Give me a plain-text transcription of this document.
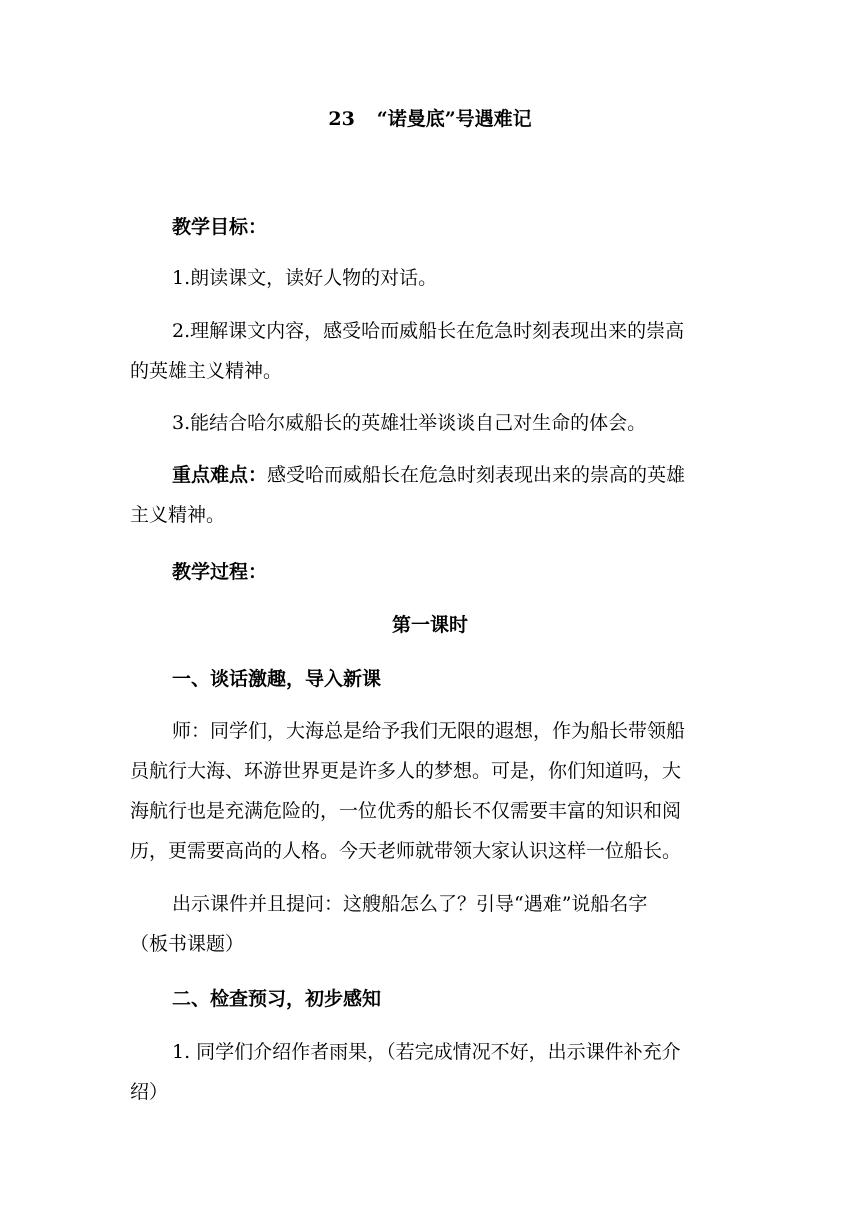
23 “诺曼底”号遇难记
教学目标：
1.朗读课文，读好人物的对话。
2.理解课文内容，感受哈而威船长在危急时刻表现出来的崇高
的英雄主义精神。
3.能结合哈尔威船长的英雄壮举谈谈自己对生命的体会。
重点难点：感受哈而威船长在危急时刻表现出来的崇高的英雄
主义精神。
教学过程：
第一课时
一、谈话激趣，导入新课
师：同学们，大海总是给予我们无限的遐想，作为船长带领船
员航行大海、环游世界更是许多人的梦想。可是，你们知道吗，大
海航行也是充满危险的，一位优秀的船长不仅需要丰富的知识和阅
历，更需要高尚的人格。今天老师就带领大家认识这样一位船长。
出示课件并且提问：这艘船怎么了？引导“遇难”说船名字
（板书课题）
二、检查预习，初步感知
1. 同学们介绍作者雨果，（若完成情况不好，出示课件补充介
绍）
